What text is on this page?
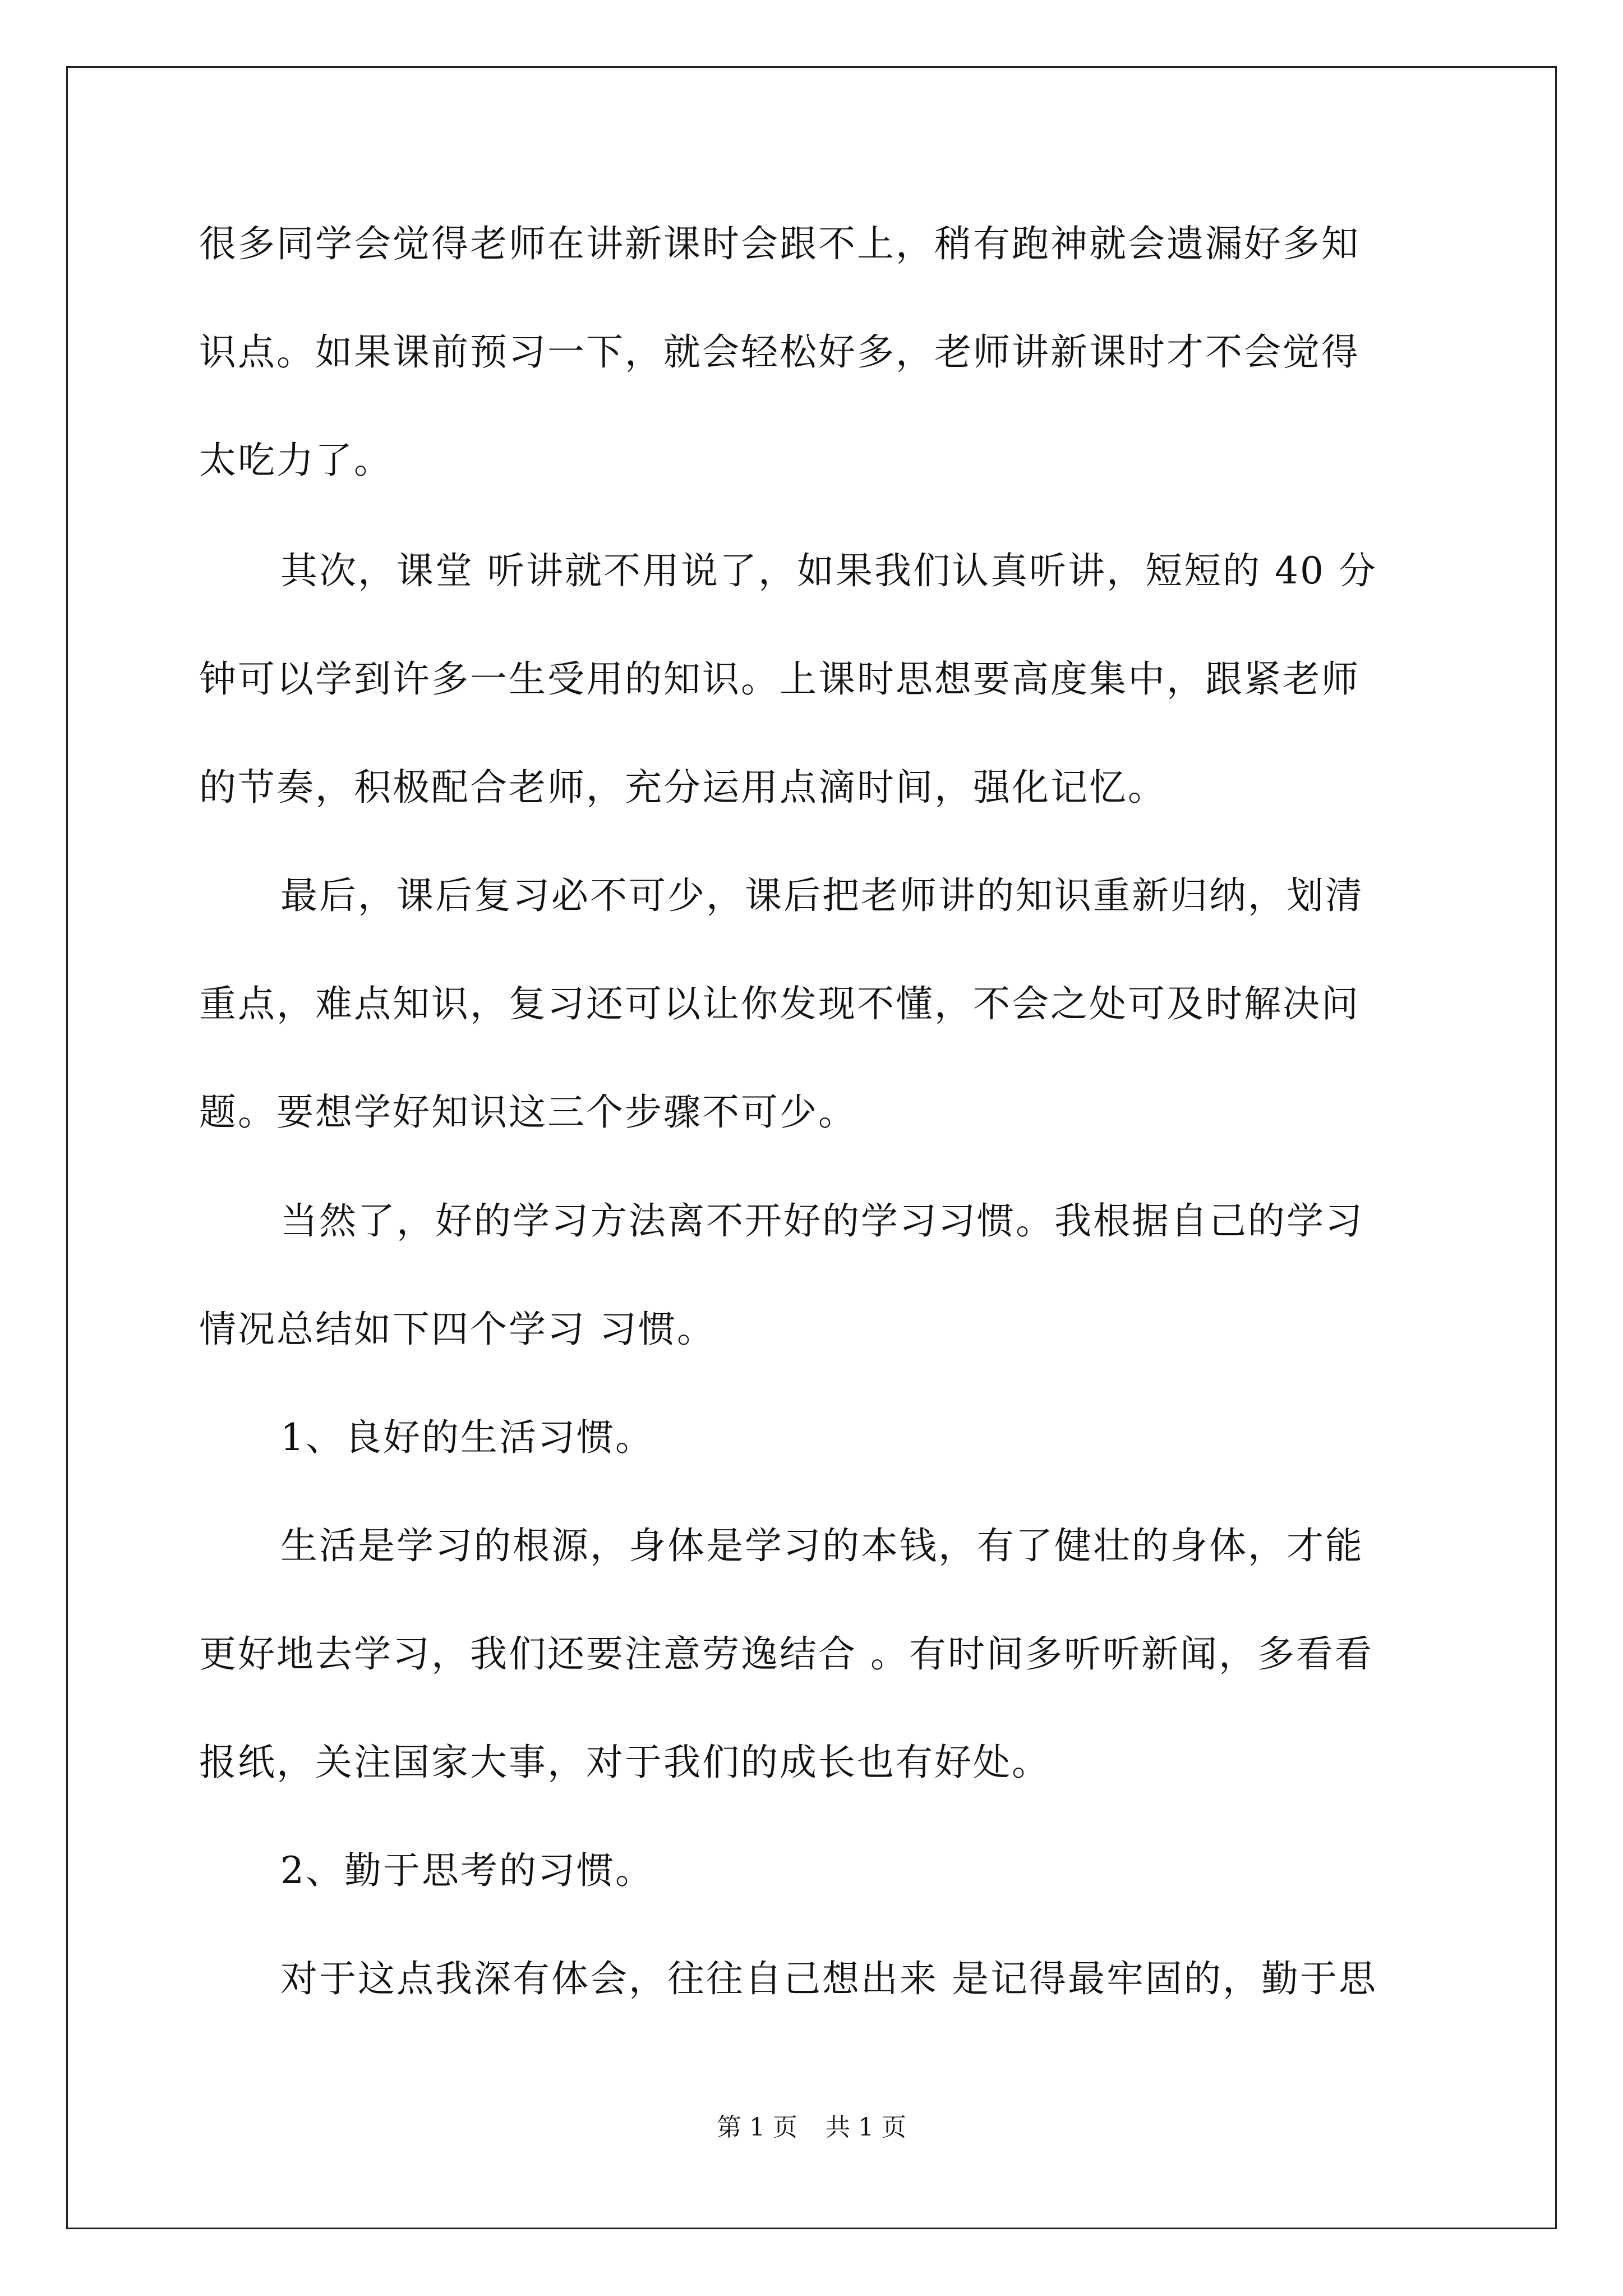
很多同学会觉得老师在讲新课时会跟不上，稍有跑神就会遗漏好多知
识点。如果课前预习一下，就会轻松好多，老师讲新课时才不会觉得
太吃力了。
其次，课堂 听讲就不用说了，如果我们认真听讲，短短的 40 分
钟可以学到许多一生受用的知识。上课时思想要高度集中，跟紧老师
的节奏，积极配合老师，充分运用点滴时间，强化记忆。
最后，课后复习必不可少，课后把老师讲的知识重新归纳，划清
重点，难点知识，复习还可以让你发现不懂，不会之处可及时解决问
题。要想学好知识这三个步骤不可少。
当然了，好的学习方法离不开好的学习习惯。我根据自己的学习
情况总结如下四个学习 习惯。
1、良好的生活习惯。
生活是学习的根源，身体是学习的本钱，有了健壮的身体，才能
更好地去学习，我们还要注意劳逸结合 。有时间多听听新闻，多看看
报纸，关注国家大事，对于我们的成长也有好处。
2、勤于思考的习惯。
对于这点我深有体会，往往自己想出来 是记得最牢固的，勤于思
第 1 页 共 1 页
